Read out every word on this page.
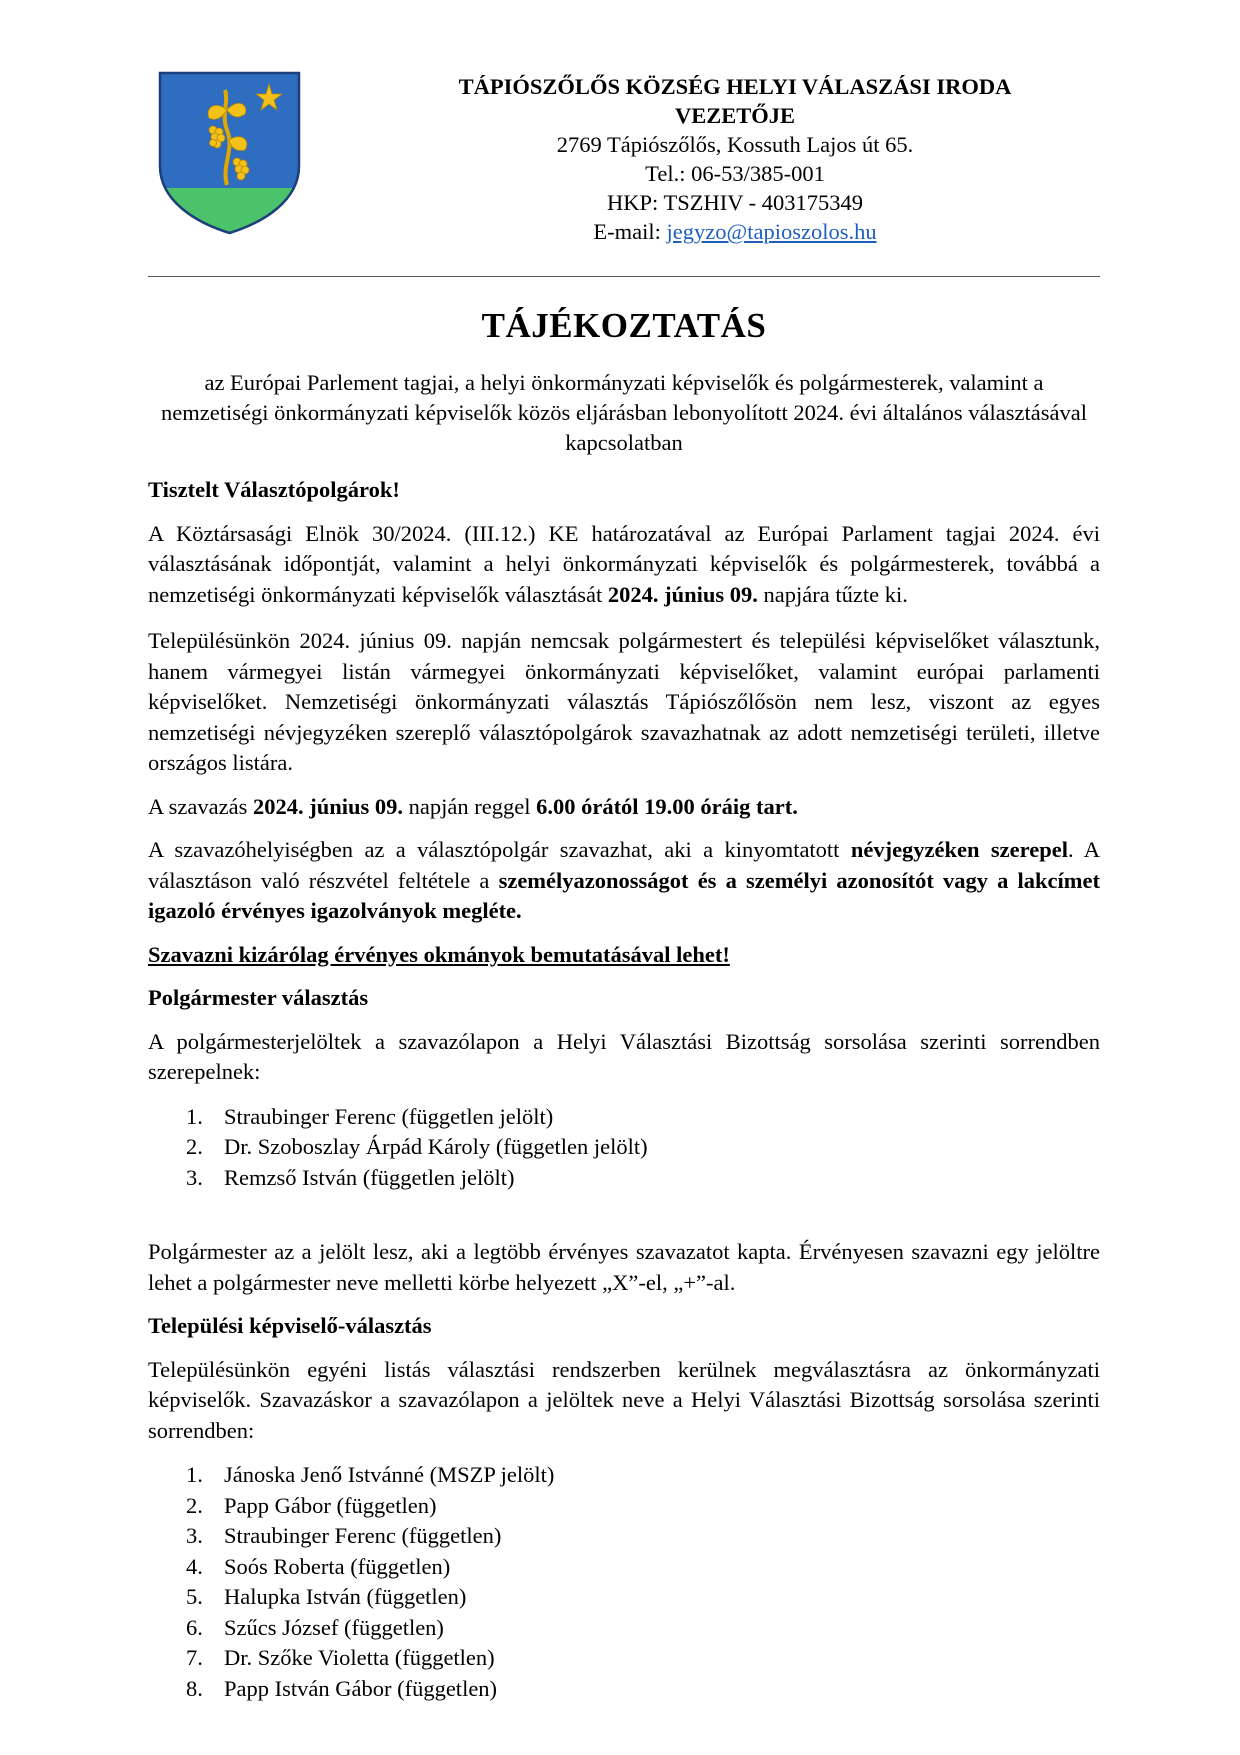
TÁPIÓSZŐLŐS KÖZSÉG HELYI VÁLASZÁSI IRODA
VEZETŐJE
2769 Tápiószőlős, Kossuth Lajos út 65.
Tel.: 06-53/385-001
HKP: TSZHIV - 403175349
E-mail: jegyzo@tapioszolos.hu
TÁJÉKOZTATÁS
az Európai Parlement tagjai, a helyi önkormányzati képviselők és polgármesterek, valamint a nemzetiségi önkormányzati képviselők közös eljárásban lebonyolított 2024. évi általános választásával kapcsolatban

Tisztelt Választópolgárok!

A Köztársasági Elnök 30/2024. (III.12.) KE határozatával az Európai Parlament tagjai 2024. évi választásának időpontját, valamint a helyi önkormányzati képviselők és polgármesterek, továbbá a nemzetiségi önkormányzati képviselők választását 2024. június 09. napjára tűzte ki.

Településünkön 2024. június 09. napján nemcsak polgármestert és települési képviselőket választunk, hanem vármegyei listán vármegyei önkormányzati képviselőket, valamint európai parlamenti képviselőket. Nemzetiségi önkormányzati választás Tápiószőlősön nem lesz, viszont az egyes nemzetiségi névjegyzéken szereplő választópolgárok szavazhatnak az adott nemzetiségi területi, illetve országos listára.

A szavazás 2024. június 09. napján reggel 6.00 órától 19.00 óráig tart.

A szavazóhelyiségben az a választópolgár szavazhat, aki a kinyomtatott névjegyzéken szerepel. A választáson való részvétel feltétele a személyazonosságot és a személyi azonosítót vagy a lakcímet igazoló érvényes igazolványok megléte.

Szavazni kizárólag érvényes okmányok bemutatásával lehet!

Polgármester választás

A polgármesterjelöltek a szavazólapon a Helyi Választási Bizottság sorsolása szerinti sorrendben szerepelnek:

1. Straubinger Ferenc (független jelölt)
2. Dr. Szoboszlay Árpád Károly (független jelölt)
3. Remzső István (független jelölt)

Polgármester az a jelölt lesz, aki a legtöbb érvényes szavazatot kapta. Érvényesen szavazni egy jelöltre lehet a polgármester neve melletti körbe helyezett „X”-el, „+”-al.

Települési képviselő-választás

Településünkön egyéni listás választási rendszerben kerülnek megválasztásra az önkormányzati képviselők. Szavazáskor a szavazólapon a jelöltek neve a Helyi Választási Bizottság sorsolása szerinti sorrendben:

1. Jánoska Jenő Istvánné (MSZP jelölt)
2. Papp Gábor (független)
3. Straubinger Ferenc (független)
4. Soós Roberta (független)
5. Halupka István (független)
6. Szűcs József (független)
7. Dr. Szőke Violetta (független)
8. Papp István Gábor (független)
